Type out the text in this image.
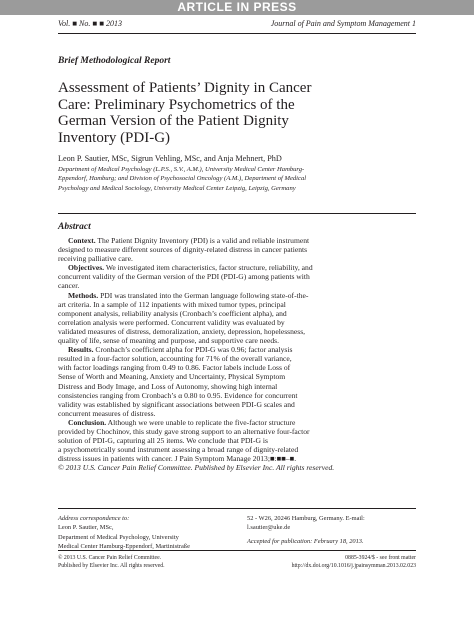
ARTICLE IN PRESS
Vol. ■ No. ■ ■ 2013	Journal of Pain and Symptom Management 1
Brief Methodological Report
Assessment of Patients’ Dignity in Cancer
Care: Preliminary Psychometrics of the
German Version of the Patient Dignity
Inventory (PDI-G)
Leon P. Sautier, MSc, Sigrun Vehling, MSc, and Anja Mehnert, PhD
Department of Medical Psychology (L.P.S., S.V., A.M.), University Medical Center Hamburg-
Eppendorf, Hamburg; and Division of Psychosocial Oncology (A.M.), Department of Medical
Psychology and Medical Sociology, University Medical Center Leipzig, Leipzig, Germany
Abstract
Context. The Patient Dignity Inventory (PDI) is a valid and reliable instrument
designed to measure different sources of dignity-related distress in cancer patients
receiving palliative care.
Objectives. We investigated item characteristics, factor structure, reliability, and
concurrent validity of the German version of the PDI (PDI-G) among patients with
cancer.
Methods. PDI was translated into the German language following state-of-the-
art criteria. In a sample of 112 inpatients with mixed tumor types, principal
component analysis, reliability analysis (Cronbach’s coefficient alpha), and
correlation analysis were performed. Concurrent validity was evaluated by
validated measures of distress, demoralization, anxiety, depression, hopelessness,
quality of life, sense of meaning and purpose, and supportive care needs.
Results. Cronbach’s coefficient alpha for PDI-G was 0.96; factor analysis
resulted in a four-factor solution, accounting for 71% of the overall variance,
with factor loadings ranging from 0.49 to 0.86. Factor labels include Loss of
Sense of Worth and Meaning, Anxiety and Uncertainty, Physical Symptom
Distress and Body Image, and Loss of Autonomy, showing high internal
consistencies ranging from Cronbach’s α 0.80 to 0.95. Evidence for concurrent
validity was established by significant associations between PDI-G scales and
concurrent measures of distress.
Conclusion. Although we were unable to replicate the five-factor structure
provided by Chochinov, this study gave strong support to an alternative four-factor
solution of PDI-G, capturing all 25 items. We conclude that PDI-G is
a psychometrically sound instrument assessing a broad range of dignity-related
distress issues in patients with cancer. J Pain Symptom Manage 2013;■:■■–■.
© 2013 U.S. Cancer Pain Relief Committee. Published by Elsevier Inc. All rights reserved.
Address correspondence to:
Leon P. Sautier, MSc,
Department of Medical Psychology, University
Medical Center Hamburg-Eppendorf, Martinistraße
52 - W26, 20246 Hamburg, Germany. E-mail:
l.sautier@uke.de
Accepted for publication: February 18, 2013.
© 2013 U.S. Cancer Pain Relief Committee.
Published by Elsevier Inc. All rights reserved.
0885-3924/$ - see front matter
http://dx.doi.org/10.1016/j.jpainsymman.2013.02.023
